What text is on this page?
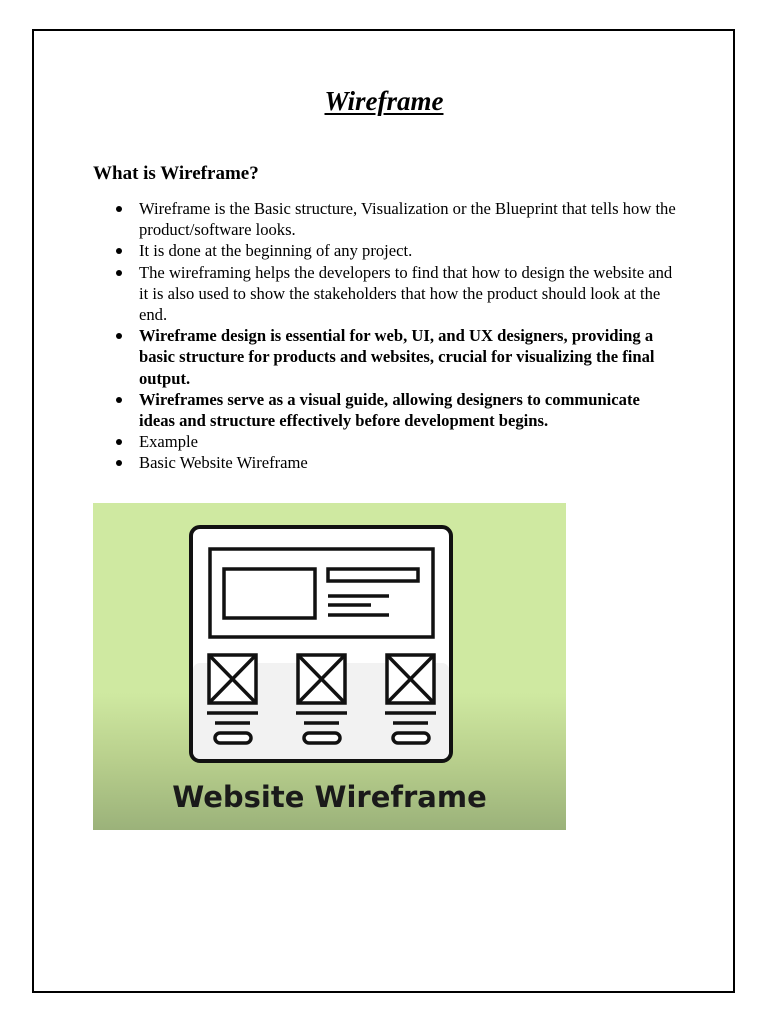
Wireframe
What is Wireframe?
Wireframe is the Basic structure, Visualization or the Blueprint that tells how the product/software looks.
It is done at the beginning of any project.
The wireframing helps the developers to find that how to design the website and it is also used to show the stakeholders that how the product should look at the end.
Wireframe design is essential for web, UI, and UX designers, providing a basic structure for products and websites, crucial for visualizing the final output.
Wireframes serve as a visual guide, allowing designers to communicate ideas and structure effectively before development begins.
Example
Basic Website Wireframe
Website Wireframe
